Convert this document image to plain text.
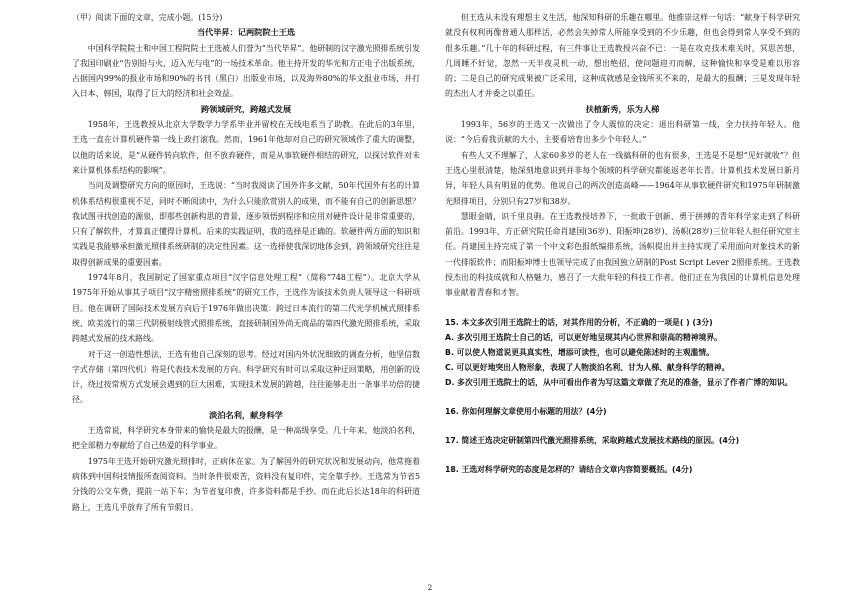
（甲）阅读下面的文章，完成小题。(15分)

当代毕昇：记两院院士王选

中国科学院院士和中国工程院院士王选被人们誉为“当代毕昇”。他研制的汉字激光照排系统引发了我国印刷业“告别铅与火，迈入光与电”的一场技术革命。他主持开发的华光和方正电子出版系统，占据国内99%的报业市场和90%的书刊（黑白）出版业市场，以及海外80%的华文报业市场，并打入日本、韩国，取得了巨大的经济和社会效益。

跨领域研究，跨越式发展

1958年，王选教授从北京大学数学力学系毕业并留校在无线电系当了助教。在此后的3年里，王选一直在计算机硬件第一线上政打滚我。然而，1961年他却对自己的研究领域作了重大的调整，以他的话来说，是“从硬件转向软件，但不放弃硬件，而是从事软硬件相结的研究，以探讨软件对未来计算机体系结构的影响”。

当问及调整研究方向的原因时，王选说：“当时我阅读了国外许多文献，50年代国外有名的计算机体系结构很重视不足，同时不断阅读中，为什么只能欣赏别人的成果，而不能有自己的创新思想？我试图寻找创造的源泉，即那些创新构思的背景，逐步领悟到程序和应用对硬件设计是非常重要的，只有了解软件，才算真正懂得计算机。后来的实践证明，我的选择是正确的。软硬件两方面的知识和实践是我能够承担激光照排系统研制的决定性因素。这一选择使我深切地体会到，跨领域研究往往是取得创新成果的重要因素。

1974年8月，我国制定了国家重点项目“汉字信息处理工程”（简称“748工程”）。北京大学从1975年开始从事其子项目“汉字精密照排系统”的研究工作，王选作为该技术负责人领导这一科研项目。他在调研了国际技术发展方向后于1976年做出决策：跨过日本流行的第二代光学机械式照排系统、欧美流行的第三代阴极射线管式照排系统，直接研制国外尚无商品的第四代激光照排系统，采取跨越式发展的技术路线。

对于这一创造性想法，王选有他自己深刻的思考。经过对国内外状况细致的调查分析，他坚信数字式存储（第四代机）将是代表技术发展的方向。科学研究有时可以采取这种迂回策略，用创新的设计，绕过按常规方式发展会遇到的巨大困难，实现技术发展的跨越，往往能够走出一条事半功倍的捷径。

淡泊名利，献身科学

王选常说，科学研究本身带来的愉快是最大的报酬，是一种高级享受。几十年来，他淡泊名利，把全部精力奉献给了自己热爱的科学事业。

1975年王选开始研究激光照排时，正病休在家。为了解国外的研究状况和发展动向，他常拖着病体到中国科技情报所查阅资料。当时条件很艰苦，资料没有复印件，完全靠手抄。王选常为节省5分钱的公交车费，提前一站下车；为节省复印费，许多资料都是手抄。而在此后长达18年的科研道路上，王选几乎放弃了所有节假日。

但王选从未没有理想主义生活，他深知科研的乐趣在哪里。他推崇这样一句话：“献身于科学研究就没有权利再像普通人那样活，必然会失掉常人所能享受到的不少乐趣，但也会得到常人享受不到的很多乐趣。”几十年的科研过程，有三件事让王选教授兴奋不已：一是在攻克技术难关时，冥思苦想，几周睡不好觉，忽然一天半夜灵机一动，想出绝招，使问题迎刃而解，这种愉快和享受是难以形容的；二是自己的研究成果被广泛采用，这种成就感是金钱所买不来的，是最大的报酬；三是发现年轻的杰出人才并委之以重任。

扶植新秀，乐为人梯

1993年，56岁的王选又一次做出了令人震惊的决定：退出科研第一线，全力扶持年轻人。他说：“今后看我贡献的大小，主要看培育出多少个年轻人。”

有些人又不理解了，人家60多岁的老人在一线搞科研的也有很多，王选是不是想“见好就收”？但王选心里很清楚，他深刻地意识到并非每个领域的科学研究都能返老年长青。计算机技术发展日新月异，年轻人具有明显的优势。他说自己的两次创造高峰——1964年从事软硬件研究和1975年研制激光照排项目，分别只有27岁和38岁。

慧眼金睛，识千里良驹。在王选教授培养下，一批敢于创新、勇于拼搏的青年科学家走到了科研前沿。1993年，方正研究院任命肖建国(36岁)、阳振坤(28岁)、汤帜(28岁)三位年轻人担任研究室主任。肖建国主持完成了第一个中文彩色报纸编排系统，汤帜提出并主持实现了采用面向对象技术的新一代排版软件；而阳振坤博士也领导完成了由我国独立研制的Post Script Lever 2照排系统。王选教授杰出的科技成就和人格魅力，感召了一大批年轻的科技工作者。他们正在为我国的计算机信息处理事业献着青春和才智。

15. 本文多次引用王选院士的话，对其作用的分析，不正确的一项是( ) (3分)

A. 多次引用王选院士自己的话，可以更好地呈现其内心世界和崇高的精神境界。

B. 可以使人物道说更具真实性，增添可读性，也可以避免陈述时的主观滥情。

C. 可以更好地突出人物形象，表现了人物淡泊名利、甘为人梯、献身科学的精神。

D. 多次引用王选院士的话，从中可看出作者为写这篇文章做了充足的准备，显示了作者广博的知识。

16. 你如何理解文章使用小标题的用法？(4分)

17. 简述王选决定研制第四代激光照排系统，采取跨越式发展技术路线的原因。(4分)

18. 王选对科学研究的态度是怎样的？请结合文章内容简要概括。(4分)

2
